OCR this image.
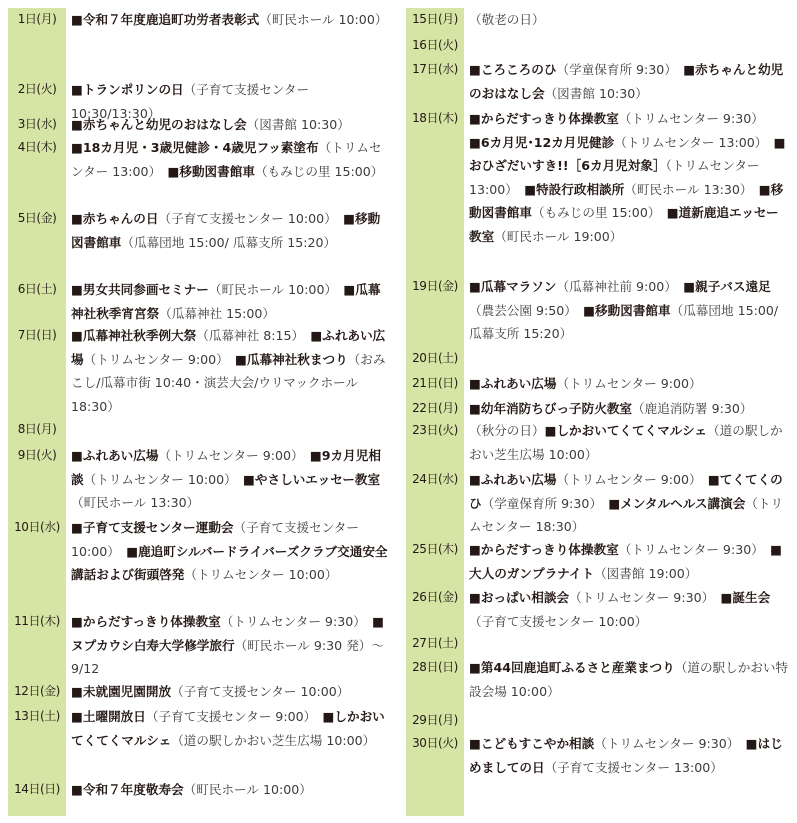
1日(月)	■令和７年度鹿追町功労者表彰式（町民ホール 10:00）　
2日(火)	■トランポリンの日（子育て支援センター 10:30/13:30）　
3日(水)	■赤ちゃんと幼児のおはなし会（図書館 10:30）　
4日(木)	■18カ月児・3歳児健診・4歳児フッ素塗布（トリムセンター 13:00）　 ■移動図書館車（もみじの里 15:00）　
5日(金)	■赤ちゃんの日（子育て支援センター 10:00）　 ■移動図書館車（瓜幕団地 15:00/ 瓜幕支所 15:20）　
6日(土)	■男女共同参画セミナー（町民ホール 10:00）　 ■瓜幕神社秋季宵宮祭（瓜幕神社 15:00）　
7日(日)	■瓜幕神社秋季例大祭（瓜幕神社 8:15）　 ■ふれあい広場（トリムセンター 9:00）　 ■瓜幕神社秋まつり（おみこし/瓜幕市街 10:40・演芸大会/ウリマックホール 18:30）　
8日(月)
9日(火)	■ふれあい広場（トリムセンター 9:00）　 ■9カ月児相談（トリムセンター 10:00）　 ■やさしいエッセー教室（町民ホール 13:30）　
10日(水) ■子育て支援センター運動会（子育て支援センター 10:00）　 ■鹿追町シルバードライバーズクラブ交通安全講話および街頭啓発（トリムセンター 10:00）　
11日(木) ■からだすっきり体操教室（トリムセンター 9:30）　 ■ヌプカウシ白寿大学修学旅行（町民ホール 9:30 発）〜 9/12　
12日(金) ■未就園児園開放（子育て支援センター 10:00）　
13日(土) ■土曜開放日（子育て支援センター 9:00）　 ■しかおいてくてくマルシェ（道の駅しかおい芝生広場 10:00）　
14日(日) ■令和７年度敬寿会（町民ホール 10:00）　
15日(月) （敬老の日）
16日(火)
17日(水) ■ころころのひ（学童保育所 9:30）　 ■赤ちゃんと幼児のおはなし会（図書館 10:30）　
18日(木) ■からだすっきり体操教室（トリムセンター 9:30）　■6カ月児･12カ月児健診（トリムセンター 13:00）　 ■おひざだいすき!!［6カ月児対象］（トリムセンター 13:00）　 ■特設行政相談所（町民ホール 13:30）　 ■移動図書館車（もみじの里 15:00）　 ■道新鹿追エッセー教室（町民ホール 19:00）　
19日(金) ■瓜幕マラソン（瓜幕神社前 9:00）　 ■親子バス遠足（農芸公園 9:50）　 ■移動図書館車（瓜幕団地 15:00/ 瓜幕支所 15:20）　
20日(土)
21日(日) ■ふれあい広場（トリムセンター 9:00）　
22日(月) ■幼年消防ちびっ子防火教室（鹿追消防署 9:30）　
23日(火) （秋分の日）■しかおいてくてくマルシェ（道の駅しかおい芝生広場 10:00）　
24日(水) ■ふれあい広場（トリムセンター 9:00）　 ■てくてくのひ（学童保育所 9:30）　 ■メンタルヘルス講演会（トリムセンター 18:30）　
25日(木) ■からだすっきり体操教室（トリムセンター 9:30）　 ■大人のガンプラナイト（図書館 19:00）　
26日(金) ■おっぱい相談会（トリムセンター 9:30）　 ■誕生会（子育て支援センター 10:00）　
27日(土)
28日(日) ■第44回鹿追町ふるさと産業まつり（道の駅しかおい特設会場 10:00）　
29日(月)
30日(火) ■こどもすこやか相談（トリムセンター 9:30）　 ■はじめましての日（子育て支援センター 13:00）　
